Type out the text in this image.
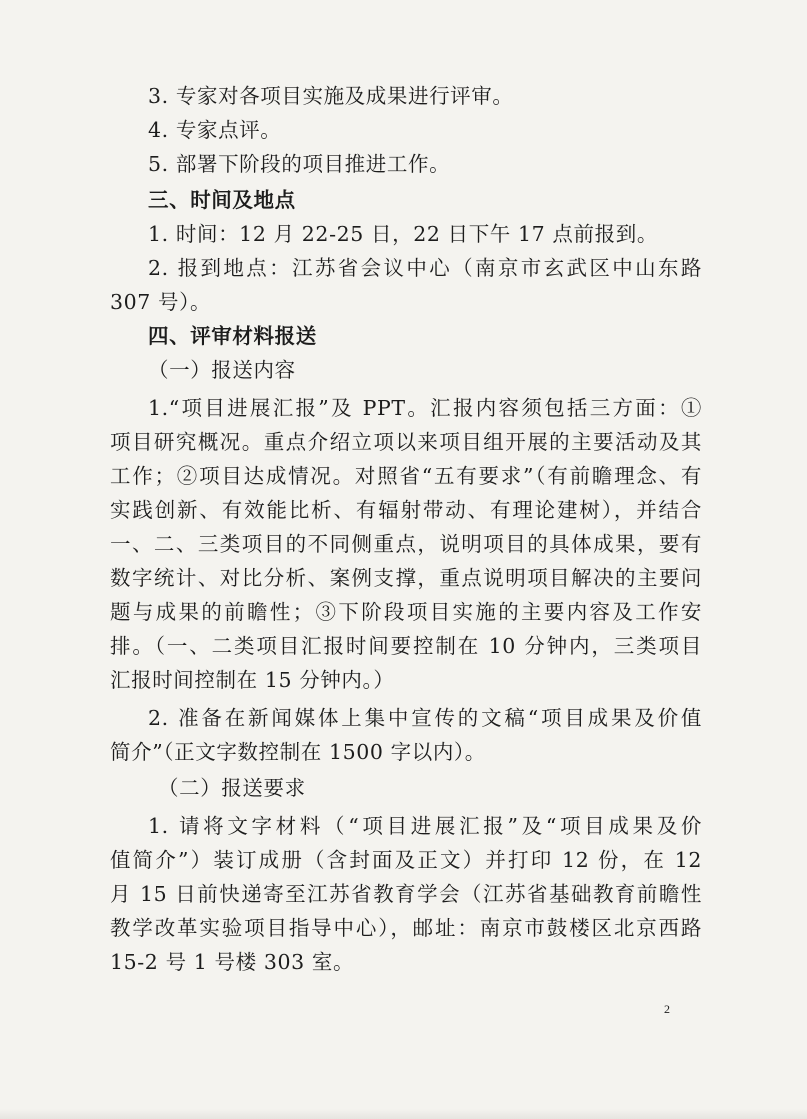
3. 专家对各项目实施及成果进行评审。
4. 专家点评。
5. 部署下阶段的项目推进工作。
三、时间及地点
1. 时间：12 月 22-25 日，22 日下午 17 点前报到。
2. 报到地点：江苏省会议中心（南京市玄武区中山东路
307 号）。
四、评审材料报送
（一）报送内容
1.“项目进展汇报”及 PPT。汇报内容须包括三方面：①
项目研究概况。重点介绍立项以来项目组开展的主要活动及其
工作；②项目达成情况。对照省“五有要求”（有前瞻理念、有
实践创新、有效能比析、有辐射带动、有理论建树），并结合
一、二、三类项目的不同侧重点，说明项目的具体成果，要有
数字统计、对比分析、案例支撑，重点说明项目解决的主要问
题与成果的前瞻性；③下阶段项目实施的主要内容及工作安
排。（一、二类项目汇报时间要控制在 10 分钟内，三类项目
汇报时间控制在 15 分钟内。）
2. 准备在新闻媒体上集中宣传的文稿“项目成果及价值
简介”（正文字数控制在 1500 字以内）。
（二）报送要求
1. 请将文字材料（“项目进展汇报”及“项目成果及价
值简介”）装订成册（含封面及正文）并打印 12 份，在 12
月 15 日前快递寄至江苏省教育学会（江苏省基础教育前瞻性
教学改革实验项目指导中心），邮址：南京市鼓楼区北京西路
15-2 号 1 号楼 303 室。
2
